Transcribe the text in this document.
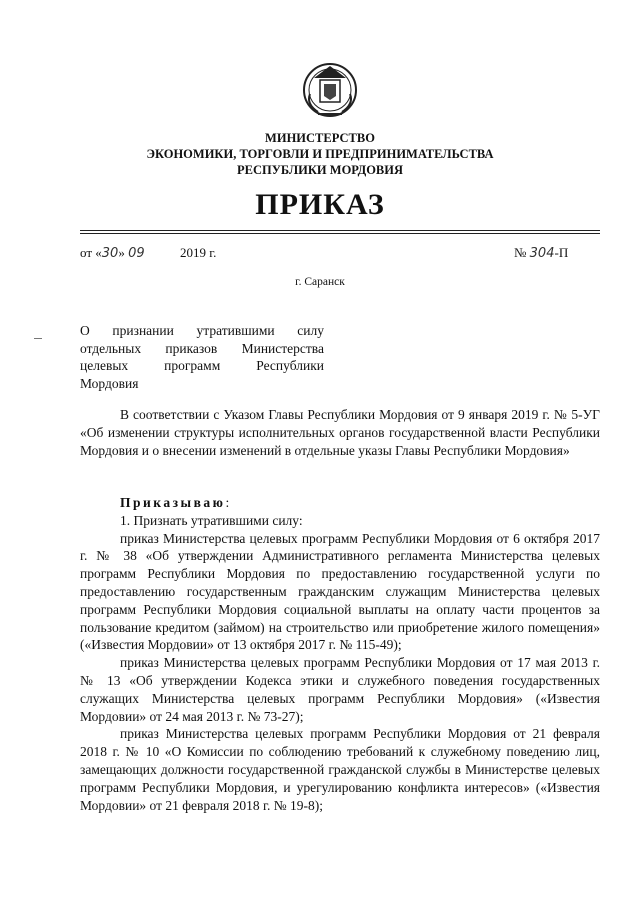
МИНИСТЕРСТВО
ЭКОНОМИКИ, ТОРГОВЛИ И ПРЕДПРИНИМАТЕЛЬСТВА
РЕСПУБЛИКИ МОРДОВИЯ
ПРИКАЗ
от «30» 09	2019 г.	№ 304-П
г. Саранск
О признании утратившими силу
отдельных приказов Министерства
целевых программ Республики
Мордовия
В соответствии с Указом Главы Республики Мордовия от 9 января 2019 г. № 5-УГ «Об изменении структуры исполнительных органов государственной власти Республики Мордовия и о внесении изменений в отдельные указы Главы Республики Мордовия»

Приказываю:

1. Признать утратившими силу:

приказ Министерства целевых программ Республики Мордовия от 6 октября 2017 г. № 38 «Об утверждении Административного регламента Министерства целевых программ Республики Мордовия по предоставлению государственной услуги по предоставлению государственным гражданским служащим Министерства целевых программ Республики Мордовия социальной выплаты на оплату части процентов за пользование кредитом (займом) на строительство или приобретение жилого помещения» («Известия Мордовии» от 13 октября 2017 г. № 115-49);

приказ Министерства целевых программ Республики Мордовия от 17 мая 2013 г. № 13 «Об утверждении Кодекса этики и служебного поведения государственных служащих Министерства целевых программ Республики Мордовия» («Известия Мордовии» от 24 мая 2013 г. № 73-27);

приказ Министерства целевых программ Республики Мордовия от 21 февраля 2018 г. № 10 «О Комиссии по соблюдению требований к служебному поведению лиц, замещающих должности государственной гражданской службы в Министерстве целевых программ Республики Мордовия, и урегулированию конфликта интересов» («Известия Мордовии» от 21 февраля 2018 г. № 19-8);
